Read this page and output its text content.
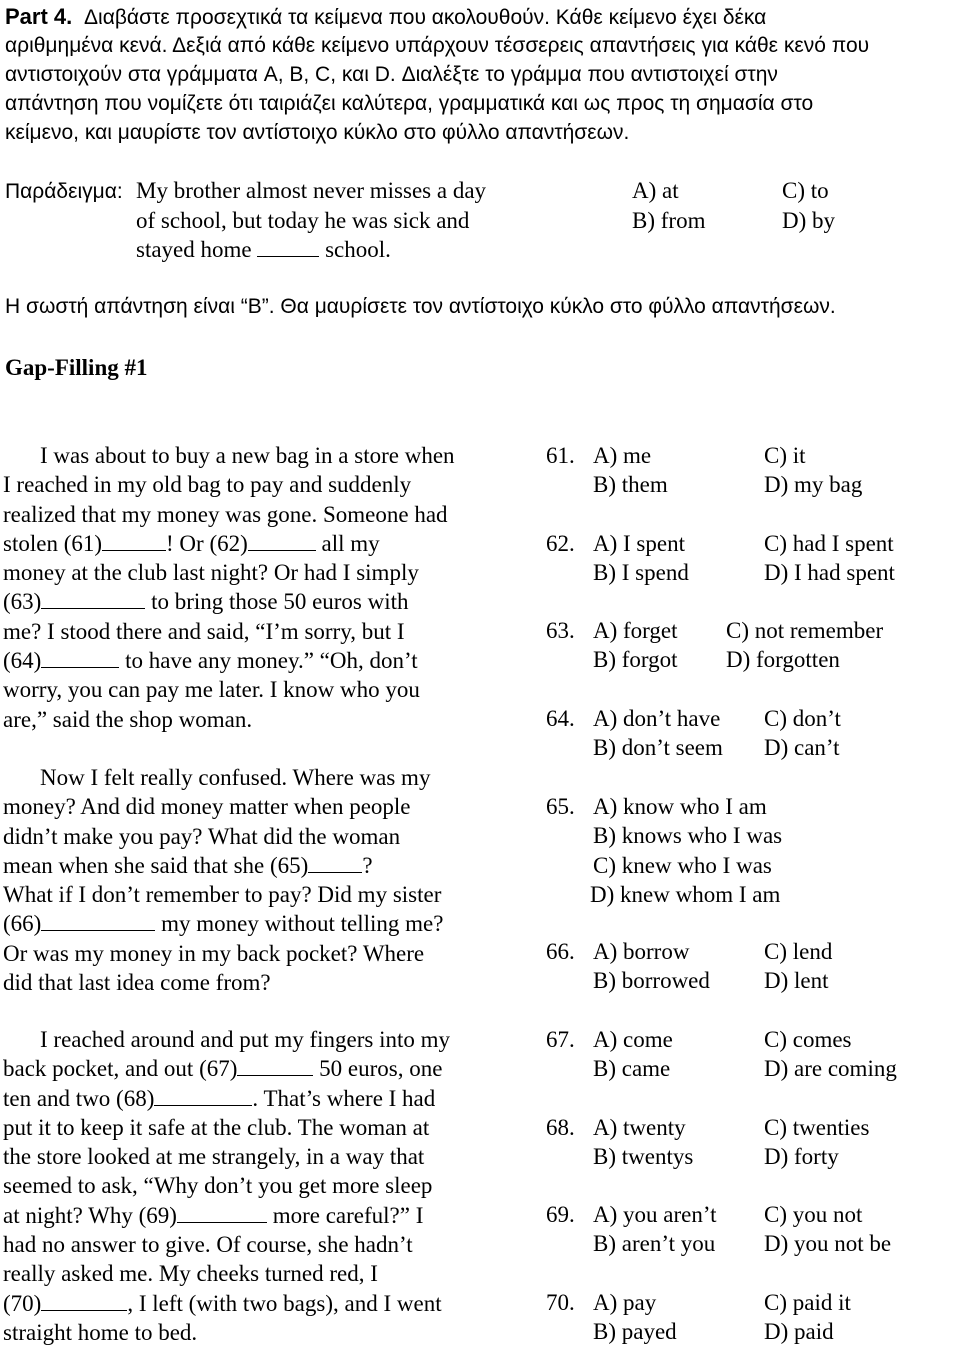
Part 4. Διαβάστε προσεχτικά τα κείμενα που ακολουθούν. Κάθε κείμενο έχει δέκα
αριθμημένα κενά. Δεξιά από κάθε κείμενο υπάρχουν τέσσερεις απαντήσεις για κάθε κενό που
αντιστοιχούν στα γράμματα A, B, C, και D. Διαλέξτε το γράμμα που αντιστοιχεί στην
απάντηση που νομίζετε ότι ταιριάζει καλύτερα, γραμματικά και ως προς τη σημασία στο
κείμενο, και μαυρίστε τον αντίστοιχο κύκλο στο φύλλο απαντήσεων.
Παράδειγμα: My brother almost never misses a day
of school, but today he was sick and
stayed home	school.
A) at
B) from
C) to
D) by
Η σωστή απάντηση είναι “B”. Θα μαυρίσετε τον αντίστοιχο κύκλο στο φύλλο απαντήσεων.
Gap-Filling #1
I was about to buy a new bag in a store when
I reached in my old bag to pay and suddenly
realized that my money was gone. Someone had
stolen (61)	! Or (62)	all my
money at the club last night? Or had I simply
(63)	to bring those 50 euros with
me? I stood there and said, “I’m sorry, but I
(64)	to have any money.” “Oh, don’t
worry, you can pay me later. I know who you
are,” said the shop woman.
Now I felt really confused. Where was my
money? And did money matter when people
didn’t make you pay? What did the woman
mean when she said that she (65) ?
What if I don’t remember to pay? Did my sister
(66)	my money without telling me?
Or was my money in my back pocket? Where
did that last idea come from?
I reached around and put my fingers into my
back pocket, and out (67)	50 euros, one
ten and two (68)	. That’s where I had
put it to keep it safe at the club. The woman at
the store looked at me strangely, in a way that
seemed to ask, “Why don’t you get more sleep
at night? Why (69)	more careful?” I
had no answer to give. Of course, she hadn’t
really asked me. My cheeks turned red, I
(70)	, I left (with two bags), and I went
straight home to bed.
61. A) me	C) it
B) them	D) my bag
62. A) I spent	C) had I spent
B) I spend	D) I had spent
63. A) forget C) not remember
B) forgot D) forgotten
64. A) don’t have C) don’t
B) don’t seem D) can’t
65. A) know who I am
B) knows who I was
C) knew who I was
D) knew whom I am
66. A) borrow	C) lend
B) borrowed D) lent
67. A) come	C) comes
B) came	D) are coming
68. A) twenty	C) twenties
B) twentys	D) forty
69. A) you aren’t C) you not
B) aren’t you D) you not be
70. A) pay	C) paid it
B) payed	D) paid
